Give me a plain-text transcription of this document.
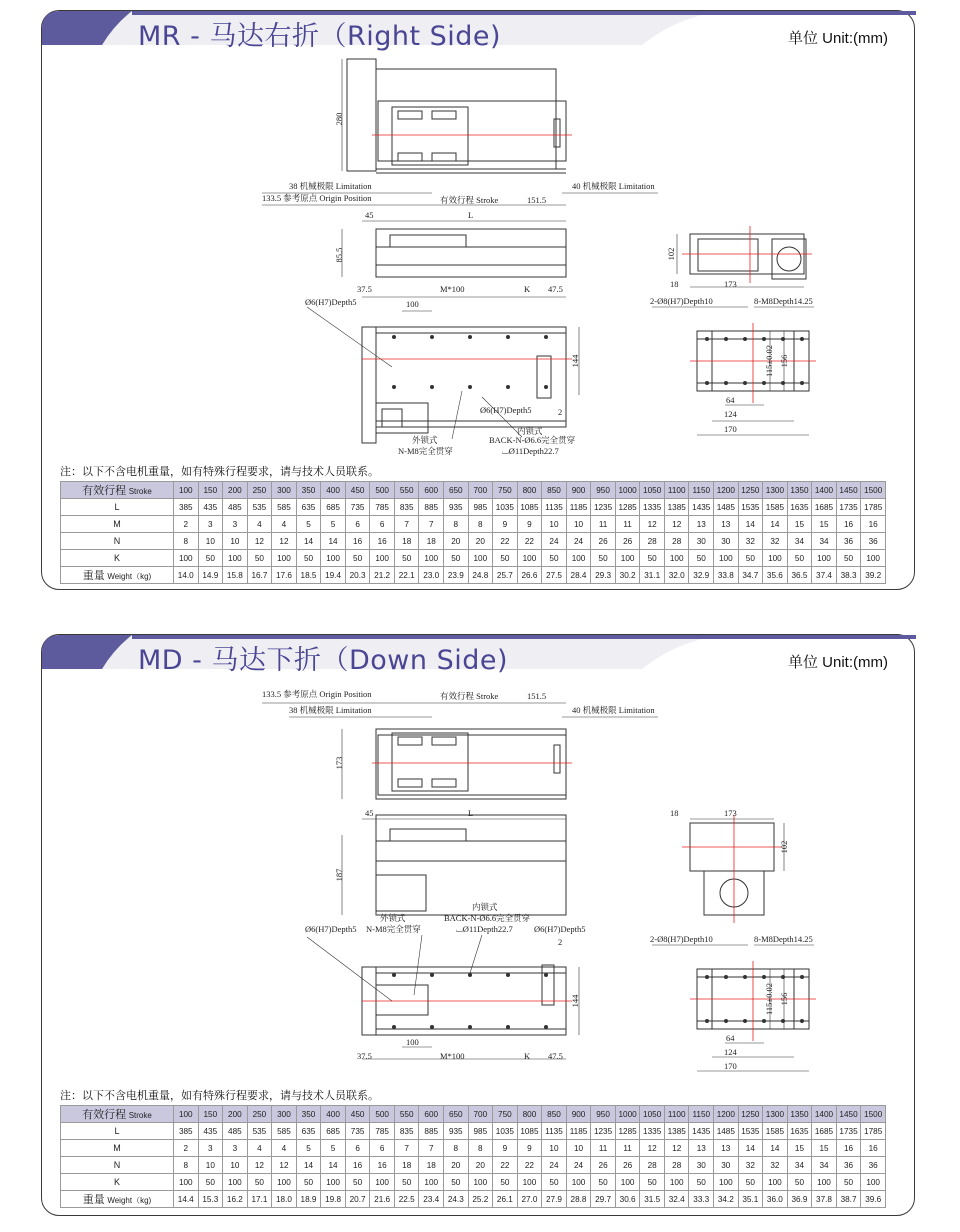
MR - 马达右折（Right Side)	单位 Unit:(mm)
280
38 机械极限 Limitation
133.5 参考原点 Origin Position
40 机械极限 Limitation
有效行程 Stroke	151.5
45	L
85.5
37.5	M*100	K 47.5
Ø6(H7)Depth5	100
144
Ø6(H7)Depth5	2
内锁式
外锁式	BACK-N-Ø6.6完全贯穿
N-M8完全贯穿	⌴Ø11Depth22.7
102
18	173
2-Ø8(H7)Depth10	8-M8Depth14.25
115±0.02 156
64
124
170
注：以下不含电机重量，如有特殊行程要求，请与技术人员联系。
有效行程 Stroke	100	150	200	250	300	350	400	450	500	550	600	650	700	750	800	850	900	950	1000	1050	1100	1150	1200	1250	1300	1350	1400	1450	1500
L	385	435	485	535	585	635	685	735	785	835	885	935	985	1035	1085	1135	1185	1235	1285	1335	1385	1435	1485	1535	1585	1635	1685	1735	1785
M	2	3	3	4	4	5	5	6	6	7	7	8	8	9	9	10	10	11	11	12	12	13	13	14	14	15	15	16	16
N	8	10	10	12	12	14	14	16	16	18	18	20	20	22	22	24	24	26	26	28	28	30	30	32	32	34	34	36	36
K	100	50	100	50	100	50	100	50	100	50	100	50	100	50	100	50	100	50	100	50	100	50	100	50	100	50	100	50	100
重量 Weight（kg)	14.0	14.9	15.8	16.7	17.6	18.5	19.4	20.3	21.2	22.1	23.0	23.9	24.8	25.7	26.6	27.5	28.4	29.3	30.2	31.1	32.0	32.9	33.8	34.7	35.6	36.5	37.4	38.3	39.2
MD - 马达下折（Down Side)	单位 Unit:(mm)
133.5 参考原点 Origin Position	有效行程 Stroke	151.5
38 机械极限 Limitation	40 机械极限 Limitation
173
45	L
187
外锁式
内锁式
BACK-N-Ø6.6完全贯穿
N-M8完全贯穿	⌴Ø11Depth22.7
Ø6(H7)Depth5	Ø6(H7)Depth5
2
144
100
37.5	M*100	K 47.5
18	173
102
2-Ø8(H7)Depth10	8-M8Depth14.25
115±0.02 156
64
124
170
注：以下不含电机重量，如有特殊行程要求，请与技术人员联系。
有效行程 Stroke	100	150	200	250	300	350	400	450	500	550	600	650	700	750	800	850	900	950	1000	1050	1100	1150	1200	1250	1300	1350	1400	1450	1500
L	385	435	485	535	585	635	685	735	785	835	885	935	985	1035	1085	1135	1185	1235	1285	1335	1385	1435	1485	1535	1585	1635	1685	1735	1785
M	2	3	3	4	4	5	5	6	6	7	7	8	8	9	9	10	10	11	11	12	12	13	13	14	14	15	15	16	16
N	8	10	10	12	12	14	14	16	16	18	18	20	20	22	22	24	24	26	26	28	28	30	30	32	32	34	34	36	36
K	100	50	100	50	100	50	100	50	100	50	100	50	100	50	100	50	100	50	100	50	100	50	100	50	100	50	100	50	100
重量 Weight（kg)	14.4	15.3	16.2	17.1	18.0	18.9	19.8	20.7	21.6	22.5	23.4	24.3	25.2	26.1	27.0	27.9	28.8	29.7	30.6	31.5	32.4	33.3	34.2	35.1	36.0	36.9	37.8	38.7	39.6
